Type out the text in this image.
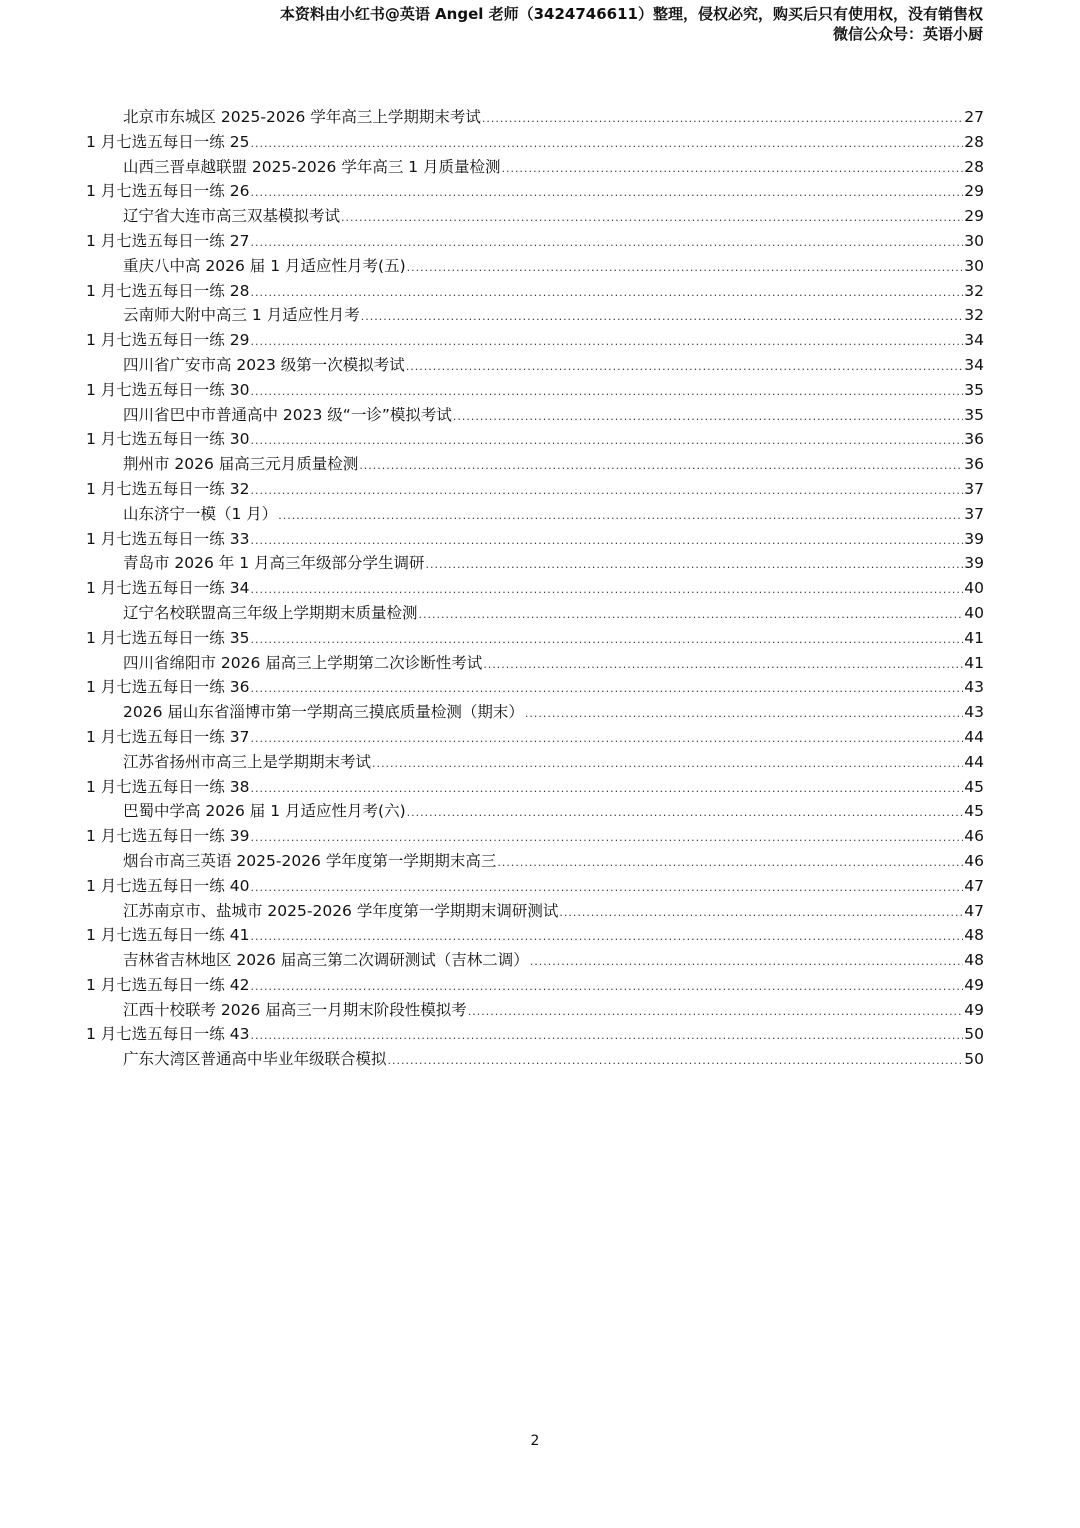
本资料由小红书@英语 Angel 老师（3424746611）整理，侵权必究，购买后只有使用权，没有销售权
微信公众号：英语小厨
北京市东城区 2025-2026 学年高三上学期期末考试 .....	27
1 月七选五每日一练 25 .....	28
山西三晋卓越联盟 2025-2026 学年高三 1 月质量检测 .....	28
1 月七选五每日一练 26 .....	29
辽宁省大连市高三双基模拟考试 .....	29
1 月七选五每日一练 27 .....	30
重庆八中高 2026 届 1 月适应性月考(五) .....	30
1 月七选五每日一练 28 .....	32
云南师大附中高三 1 月适应性月考 .....	32
1 月七选五每日一练 29 .....	34
四川省广安市高 2023 级第一次模拟考试 .....	34
1 月七选五每日一练 30 .....	35
四川省巴中市普通高中 2023 级“一诊”模拟考试 .....	35
1 月七选五每日一练 30 .....	36
荆州市 2026 届高三元月质量检测 .....	36
1 月七选五每日一练 32 .....	37
山东济宁一模（1 月） .....	37
1 月七选五每日一练 33 .....	39
青岛市 2026 年 1 月高三年级部分学生调研 .....	39
1 月七选五每日一练 34 .....	40
辽宁名校联盟高三年级上学期期末质量检测 .....	40
1 月七选五每日一练 35 .....	41
四川省绵阳市 2026 届高三上学期第二次诊断性考试 .....	41
1 月七选五每日一练 36 .....	43
2026 届山东省淄博市第一学期高三摸底质量检测（期末） .....	43
1 月七选五每日一练 37 .....	44
江苏省扬州市高三上是学期期末考试 .....	44
1 月七选五每日一练 38 .....	45
巴蜀中学高 2026 届 1 月适应性月考(六) .....	45
1 月七选五每日一练 39 .....	46
烟台市高三英语 2025-2026 学年度第一学期期末高三 .....	46
1 月七选五每日一练 40 .....	47
江苏南京市、盐城市 2025-2026 学年度第一学期期末调研测试 .....	47
1 月七选五每日一练 41 .....	48
吉林省吉林地区 2026 届高三第二次调研测试（吉林二调） .....	48
1 月七选五每日一练 42 .....	49
江西十校联考 2026 届高三一月期末阶段性模拟考 .....	49
1 月七选五每日一练 43 .....	50
广东大湾区普通高中毕业年级联合模拟 .....	50
2
